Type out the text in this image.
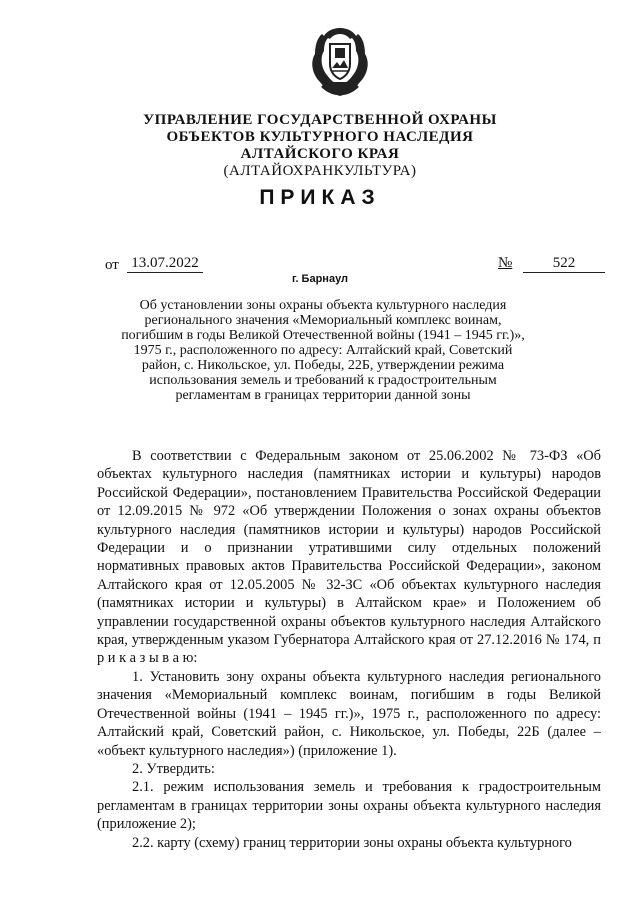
УПРАВЛЕНИЕ ГОСУДАРСТВЕННОЙ ОХРАНЫ
ОБЪЕКТОВ КУЛЬТУРНОГО НАСЛЕДИЯ
АЛТАЙСКОГО КРАЯ
(АЛТАЙОХРАНКУЛЬТУРА)
ПРИКАЗ
от 13.07.2022	№	522
г. Барнаул
Об установлении зоны охраны объекта культурного наследия
регионального значения «Мемориальный комплекс воинам,
погибшим в годы Великой Отечественной войны (1941 – 1945 гг.)»,
1975 г., расположенного по адресу: Алтайский край, Советский
район, с. Никольское, ул. Победы, 22Б, утверждении режима
использования земель и требований к градостроительным
регламентам в границах территории данной зоны

В соответствии с Федеральным законом от 25.06.2002 № 73-ФЗ «Об объектах культурного наследия (памятниках истории и культуры) народов Российской Федерации», постановлением Правительства Российской Федерации от 12.09.2015 № 972 «Об утверждении Положения о зонах охраны объектов культурного наследия (памятников истории и культуры) народов Российской Федерации и о признании утратившими силу отдельных положений нормативных правовых актов Правительства Российской Федерации», законом Алтайского края от 12.05.2005 № 32-ЗС «Об объектах культурного наследия (памятниках истории и культуры) в Алтайском крае» и Положением об управлении государственной охраны объектов культурного наследия Алтайского края, утвержденным указом Губернатора Алтайского края от 27.12.2016 № 174, п р и к а з ы в а ю:

1. Установить зону охраны объекта культурного наследия регионального значения «Мемориальный комплекс воинам, погибшим в годы Великой Отечественной войны (1941 – 1945 гг.)», 1975 г., расположенного по адресу: Алтайский край, Советский район, с. Никольское, ул. Победы, 22Б (далее – «объект культурного наследия») (приложение 1).

2. Утвердить:

2.1. режим использования земель и требования к градостроительным регламентам в границах территории зоны охраны объекта культурного наследия (приложение 2);

2.2. карту (схему) границ территории зоны охраны объекта культурного
